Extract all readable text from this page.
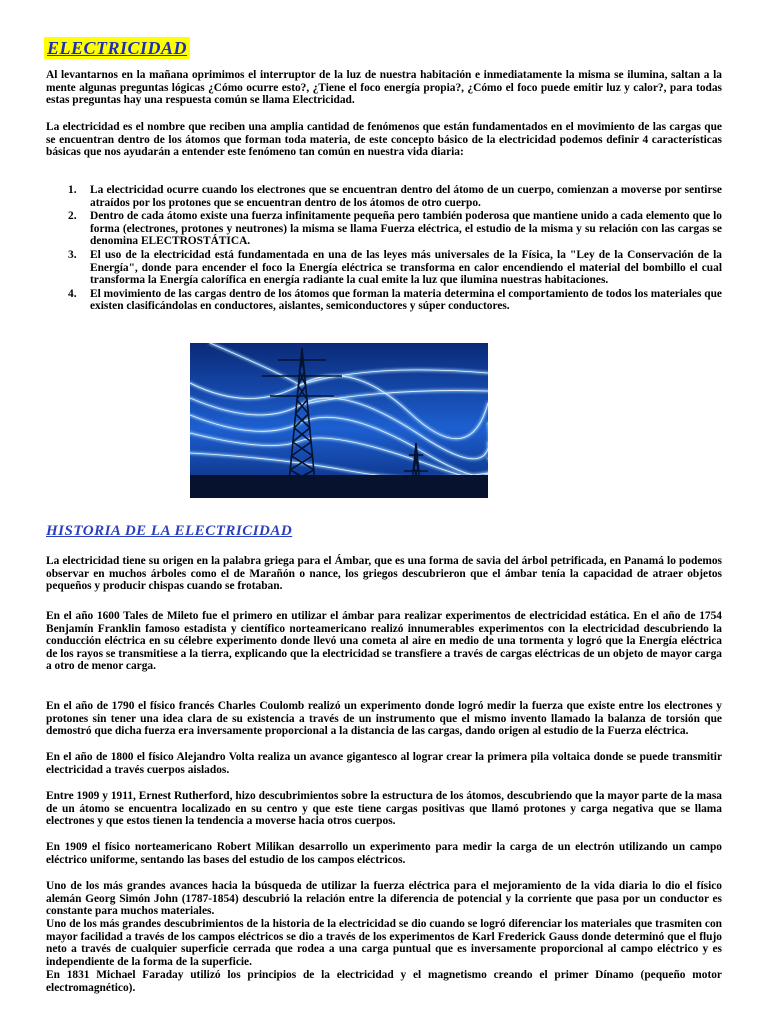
ELECTRICIDAD

Al levantarnos en la mañana oprimimos el interruptor de la luz de nuestra habitación e inmediatamente la misma se ilumina, saltan a la mente algunas preguntas lógicas ¿Cómo ocurre esto?, ¿Tiene el foco energía propia?, ¿Cómo el foco puede emitir luz y calor?, para todas estas preguntas hay una respuesta común se llama Electricidad.

La electricidad es el nombre que reciben una amplia cantidad de fenómenos que están fundamentados en el movimiento de las cargas que se encuentran dentro de los átomos que forman toda materia, de este concepto básico de la electricidad podemos definir 4 características básicas que nos ayudarán a entender este fenómeno tan común en nuestra vida diaria:

1. La electricidad ocurre cuando los electrones que se encuentran dentro del átomo de un cuerpo, comienzan a moverse por sentirse atraídos por los protones que se encuentran dentro de los átomos de otro cuerpo.
2. Dentro de cada átomo existe una fuerza infinitamente pequeña pero también poderosa que mantiene unido a cada elemento que lo forma (electrones, protones y neutrones) la misma se llama Fuerza eléctrica, el estudio de la misma y su relación con las cargas se denomina ELECTROSTÁTICA.
3. El uso de la electricidad está fundamentada en una de las leyes más universales de la Física, la "Ley de la Conservación de la Energía", donde para encender el foco la Energía eléctrica se transforma en calor encendiendo el material del bombillo el cual transforma la Energía calorífica en energía radiante la cual emite la luz que ilumina nuestras habitaciones.
4. El movimiento de las cargas dentro de los átomos que forman la materia determina el comportamiento de todos los materiales que existen clasificándolas en conductores, aislantes, semiconductores y súper conductores.
HISTORIA DE LA ELECTRICIDAD

La electricidad tiene su origen en la palabra griega para el Ámbar, que es una forma de savia del árbol petrificada, en Panamá lo podemos observar en muchos árboles como el de Marañón o nance, los griegos descubrieron que el ámbar tenía la capacidad de atraer objetos pequeños y producir chispas cuando se frotaban.

En el año 1600 Tales de Mileto fue el primero en utilizar el ámbar para realizar experimentos de electricidad estática. En el año de 1754 Benjamín Franklin famoso estadista y científico norteamericano realizó innumerables experimentos con la electricidad descubriendo la conducción eléctrica en su célebre experimento donde llevó una cometa al aire en medio de una tormenta y logró que la Energía eléctrica de los rayos se transmitiese a la tierra, explicando que la electricidad se transfiere a través de cargas eléctricas de un objeto de mayor carga a otro de menor carga.

En el año de 1790 el físico francés Charles Coulomb realizó un experimento donde logró medir la fuerza que existe entre los electrones y protones sin tener una idea clara de su existencia a través de un instrumento que el mismo invento llamado la balanza de torsión que demostró que dicha fuerza era inversamente proporcional a la distancia de las cargas, dando origen al estudio de la Fuerza eléctrica.

En el año de 1800 el físico Alejandro Volta realiza un avance gigantesco al lograr crear la primera pila voltaica donde se puede transmitir electricidad a través cuerpos aislados.

Entre 1909 y 1911, Ernest Rutherford, hizo descubrimientos sobre la estructura de los átomos, descubriendo que la mayor parte de la masa de un átomo se encuentra localizado en su centro y que este tiene cargas positivas que llamó protones y carga negativa que se llama electrones y que estos tienen la tendencia a moverse hacia otros cuerpos.

En 1909 el físico norteamericano Robert Milikan desarrollo un experimento para medir la carga de un electrón utilizando un campo eléctrico uniforme, sentando las bases del estudio de los campos eléctricos.

Uno de los más grandes avances hacia la búsqueda de utilizar la fuerza eléctrica para el mejoramiento de la vida diaria lo dio el físico alemán Georg Simón John (1787-1854) descubrió la relación entre la diferencia de potencial y la corriente que pasa por un conductor es constante para muchos materiales.

Uno de los más grandes descubrimientos de la historia de la electricidad se dio cuando se logró diferenciar los materiales que trasmiten con mayor facilidad a través de los campos eléctricos se dio a través de los experimentos de Karl Frederick Gauss donde determinó que el flujo neto a través de cualquier superficie cerrada que rodea a una carga puntual que es inversamente proporcional al campo eléctrico y es independiente de la forma de la superficie.

En 1831 Michael Faraday utilizó los principios de la electricidad y el magnetismo creando el primer Dínamo (pequeño motor electromagnético).
